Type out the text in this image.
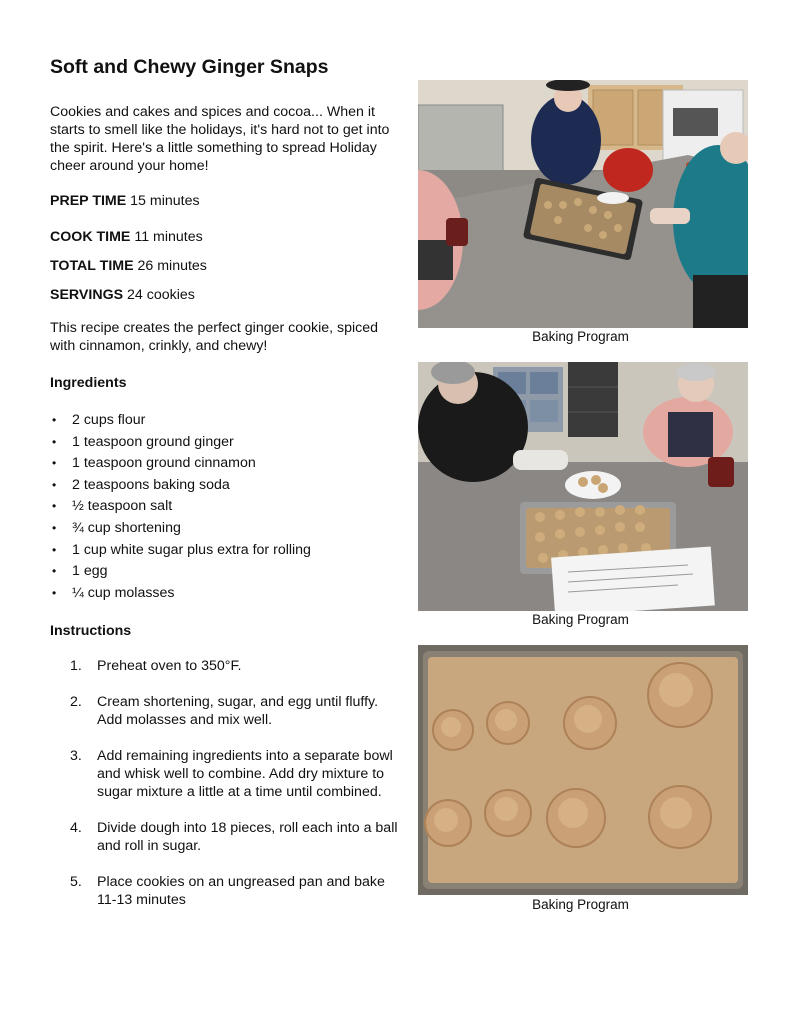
Soft and Chewy Ginger Snaps

Cookies and cakes and spices and cocoa... When it starts to smell like the holidays, it's hard not to get into the spirit. Here's a little something to spread Holiday cheer around your home!

PREP TIME 15 minutes

COOK TIME 11 minutes

TOTAL TIME 26 minutes

SERVINGS 24 cookies

This recipe creates the perfect ginger cookie, spiced with cinnamon, crinkly, and chewy!

Ingredients
• 2 cups flour
• 1 teaspoon ground ginger
• 1 teaspoon ground cinnamon
• 2 teaspoons baking soda
• ½ teaspoon salt
• ¾ cup shortening
• 1 cup white sugar plus extra for rolling
• 1 egg
• ¼ cup molasses
Instructions
1. Preheat oven to 350°F.
2. Cream shortening, sugar, and egg until fluffy. Add molasses and mix well.
3. Add remaining ingredients into a separate bowl and whisk well to combine. Add dry mixture to sugar mixture a little at a time until combined.
4. Divide dough into 18 pieces, roll each into a ball and roll in sugar.
5. Place cookies on an ungreased pan and bake 11-13 minutes

Baking Program

Baking Program

Baking Program
